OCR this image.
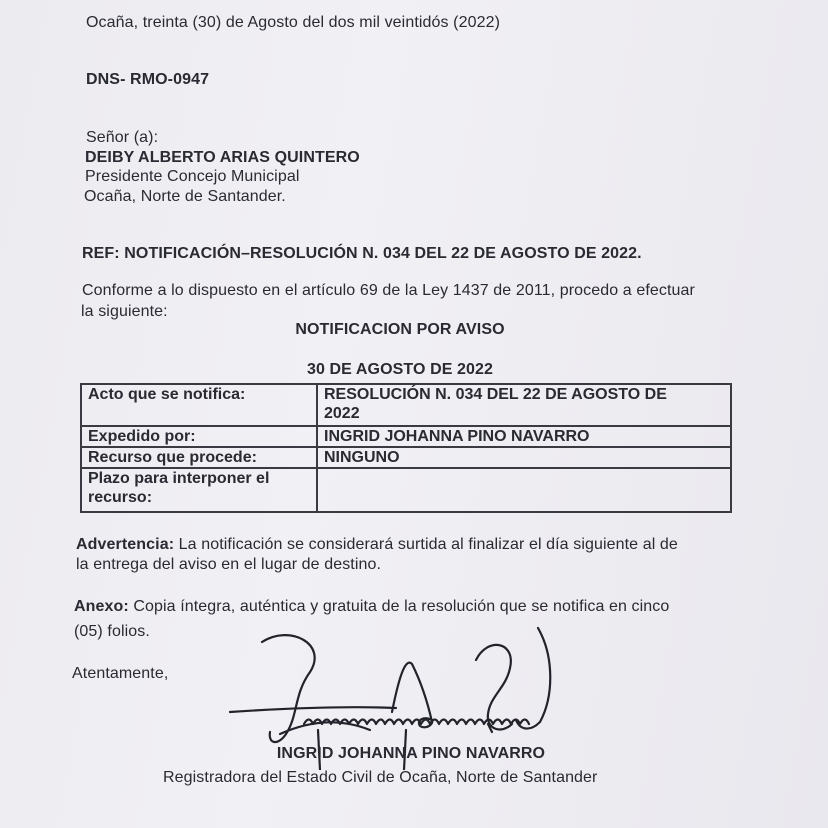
Ocaña, treinta (30) de Agosto del dos mil veintidós (2022)
DNS- RMO-0947
Señor (a):
DEIBY ALBERTO ARIAS QUINTERO
Presidente Concejo Municipal
Ocaña, Norte de Santander.
REF: NOTIFICACIÓN–RESOLUCIÓN N. 034 DEL 22 DE AGOSTO DE 2022.
Conforme a lo dispuesto en el artículo 69 de la Ley 1437 de 2011, procedo a efectuar
la siguiente:
NOTIFICACION POR AVISO
30 DE AGOSTO DE 2022
Acto que se notifica:	RESOLUCIÓN N. 034 DEL 22 DE AGOSTO DE 2022
Expedido por:	INGRID JOHANNA PINO NAVARRO
Recurso que procede:	NINGUNO
Plazo para interponer el recurso:	
Advertencia: La notificación se considerará surtida al finalizar el día siguiente al de
la entrega del aviso en el lugar de destino.
Anexo: Copia íntegra, auténtica y gratuita de la resolución que se notifica en cinco
(05) folios.
Atentamente,
INGRID JOHANNA PINO NAVARRO
Registradora del Estado Civil de Ocaña, Norte de Santander
